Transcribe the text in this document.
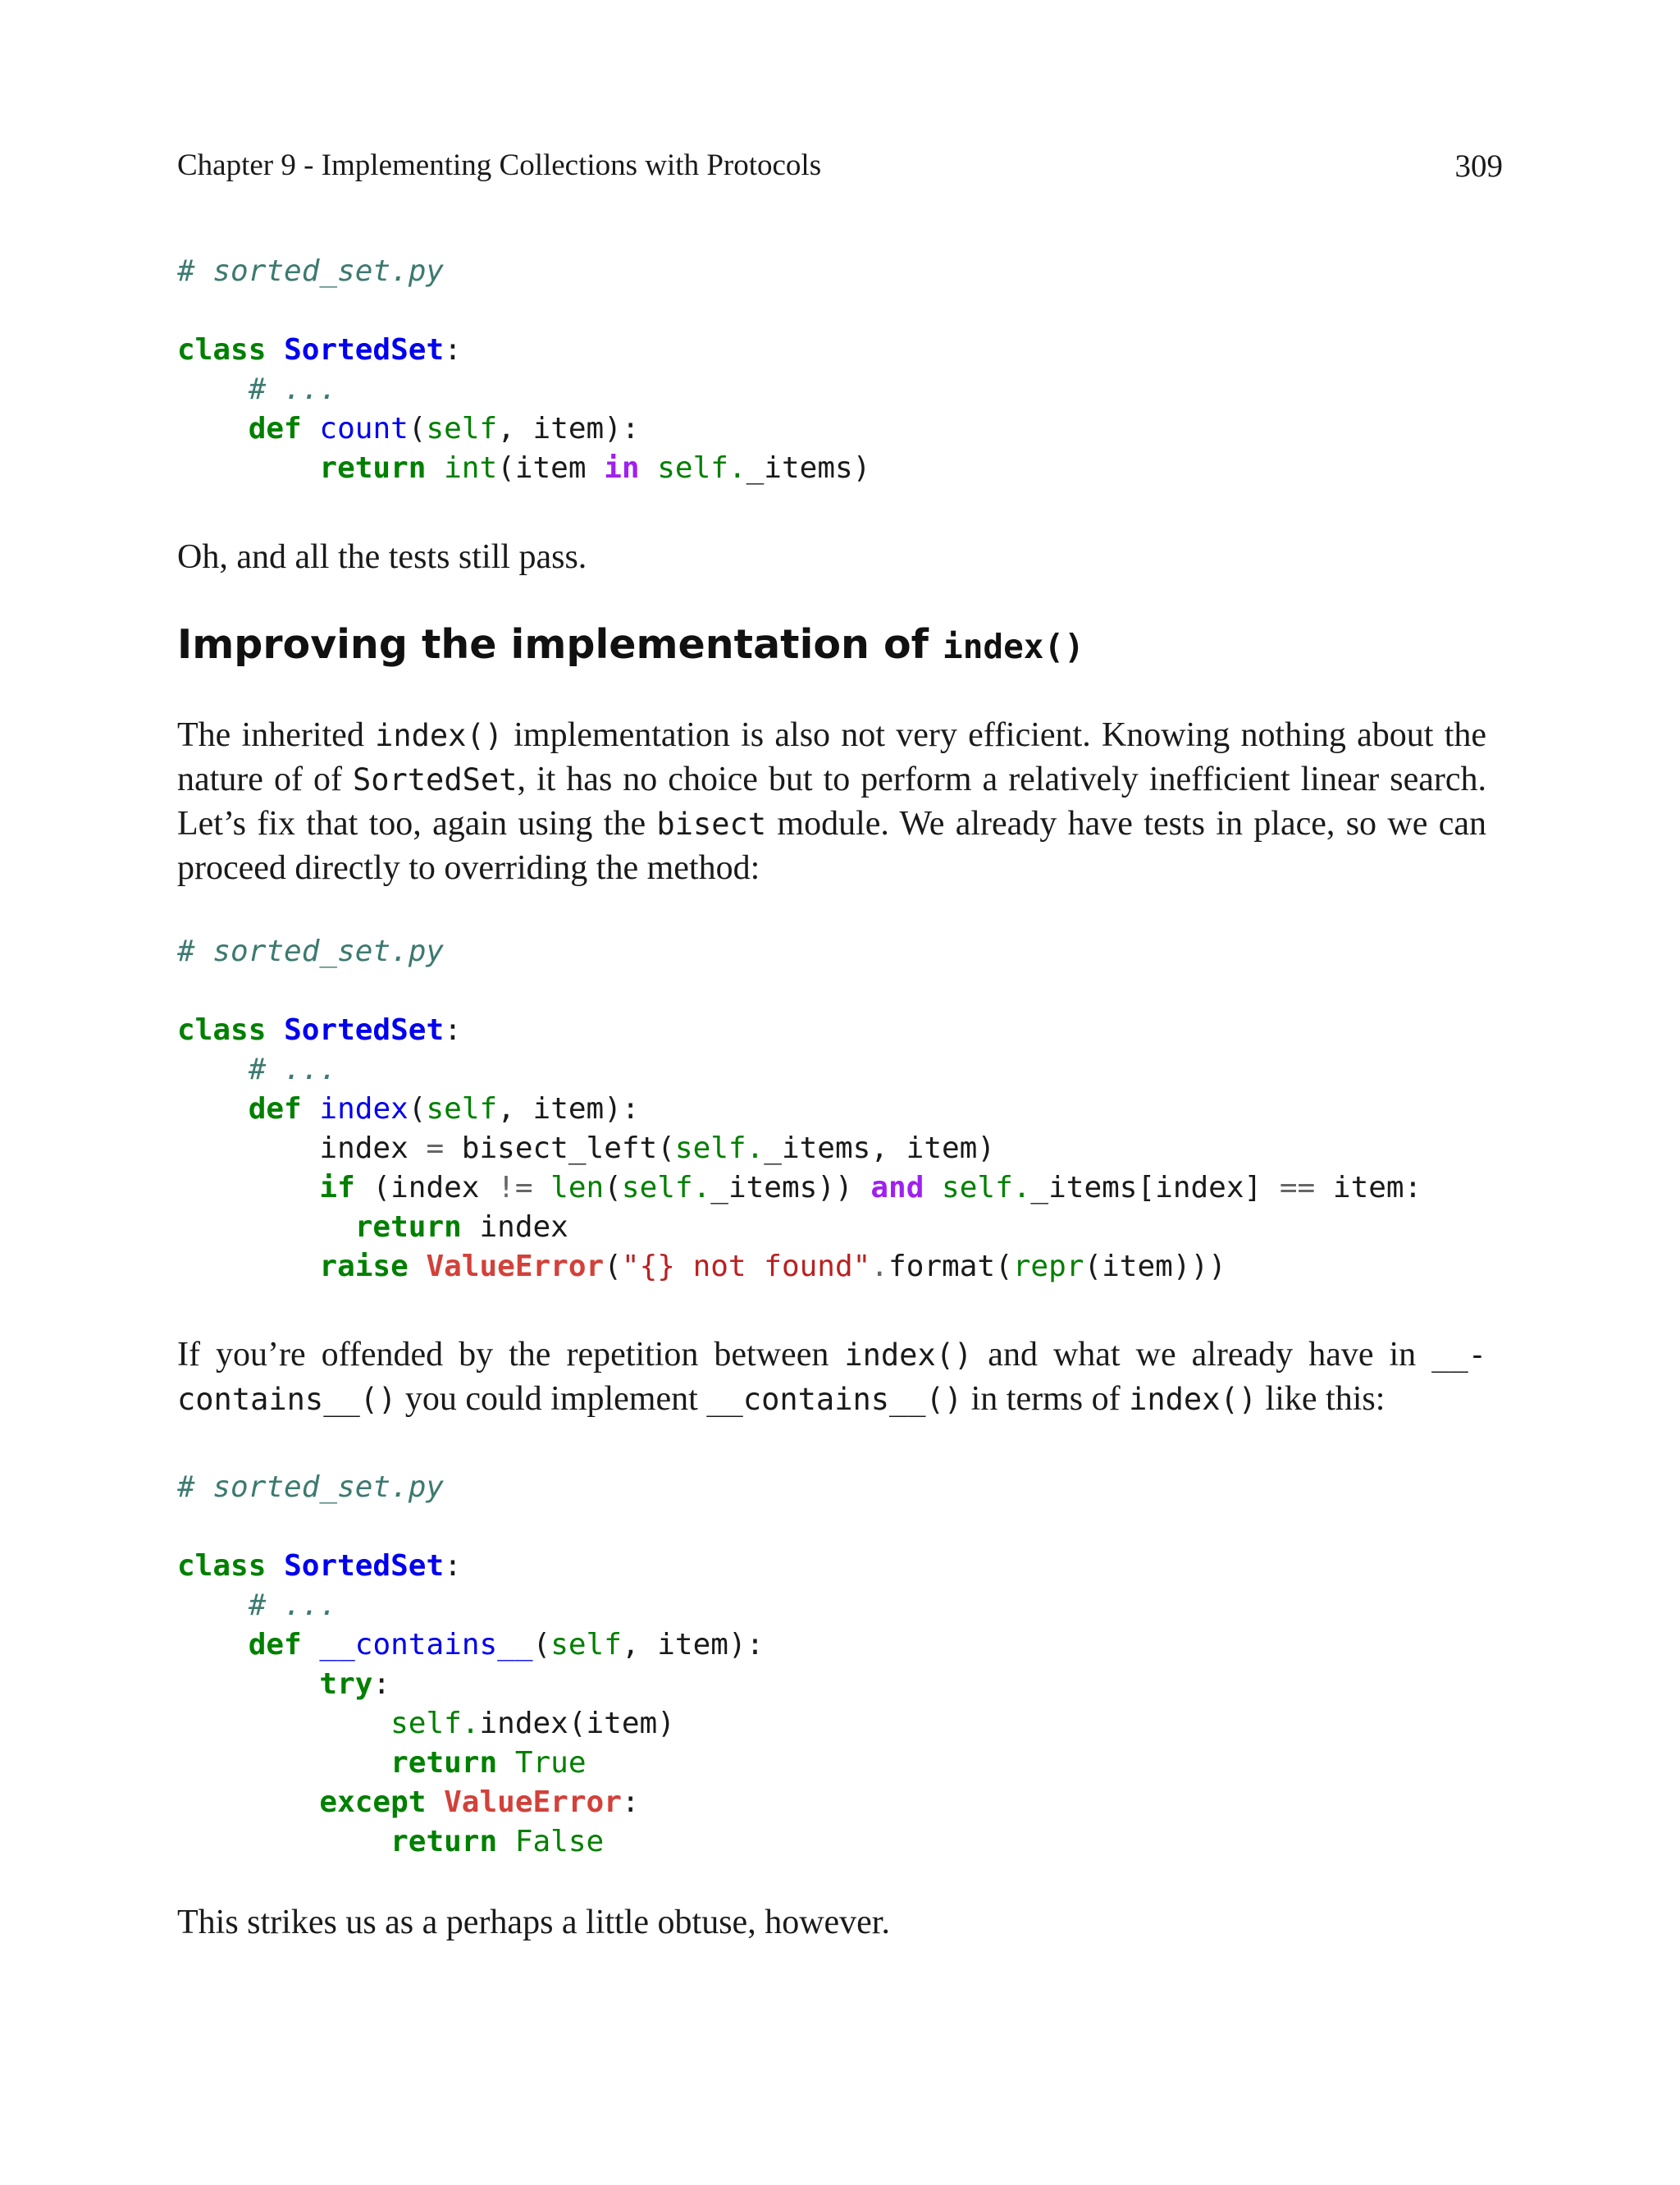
Chapter 9 - Implementing Collections with Protocols	309
# sorted_set.py
class SortedSet:
# ...
def count(self, item):
return int(item in self._items)

Oh, and all the tests still pass.

Improving the implementation of index()
The inherited index() implementation is also not very efficient. Knowing nothing about the
nature of of SortedSet, it has no choice but to perform a relatively inefficient linear search.
Let’s fix that too, again using the bisect module. We already have tests in place, so we can
proceed directly to overriding the method:
# sorted_set.py
class SortedSet:
# ...
def index(self, item):
index = bisect_left(self._items, item)
if (index != len(self._items)) and self._items[index] == item:
return index
raise ValueError("{} not found".format(repr(item)))
If you’re offended by the repetition between index() and what we already have in __-
contains__() you could implement __contains__() in terms of index() like this:
# sorted_set.py
class SortedSet:
# ...
def __contains__(self, item):
try:
self.index(item)
return True
except ValueError:
return False

This strikes us as a perhaps a little obtuse, however.
